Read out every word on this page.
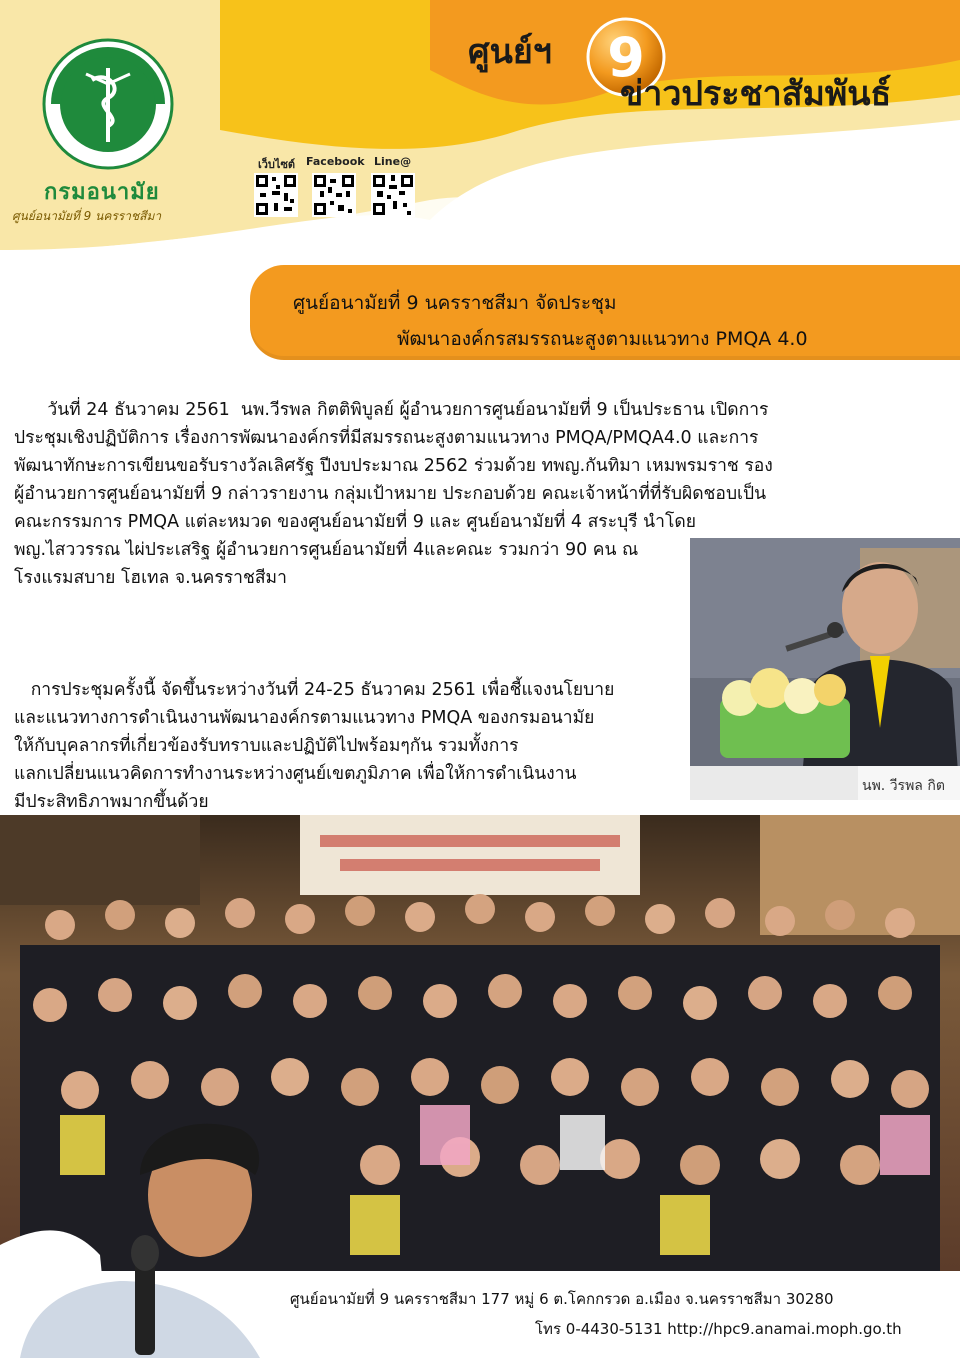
กรมอนามัย
ศูนย์อนามัยที่ 9 นครราชสีมา
เว็บไซต์ Facebook Line@
ศูนย์ฯ 9
ข่าวประชาสัมพันธ์
ศูนย์อนามัยที่ 9 นครราชสีมา จัดประชุม
พัฒนาองค์กรสมรรถนะสูงตามแนวทาง PMQA 4.0
วันที่ 24 ธันวาคม 2561  นพ.วีรพล กิตติพิบูลย์ ผู้อำนวยการศูนย์อนามัยที่ 9 เป็นประธาน เปิดการ
ประชุมเชิงปฏิบัติการ เรื่องการพัฒนาองค์กรที่มีสมรรถนะสูงตามแนวทาง PMQA/PMQA4.0 และการ
พัฒนาทักษะการเขียนขอรับรางวัลเลิศรัฐ ปีงบประมาณ 2562 ร่วมด้วย ทพญ.กันทิมา เหมพรมราช รอง
ผู้อำนวยการศูนย์อนามัยที่ 9 กล่าวรายงาน กลุ่มเป้าหมาย ประกอบด้วย คณะเจ้าหน้าที่ที่รับผิดชอบเป็น
คณะกรรมการ PMQA แต่ละหมวด ของศูนย์อนามัยที่ 9 และ ศูนย์อนามัยที่ 4 สระบุรี นำโดย
พญ.ไสววรรณ ไผ่ประเสริฐ ผู้อำนวยการศูนย์อนามัยที่ 4และคณะ รวมกว่า 90 คน ณ
โรงแรมสบาย โฮเทล จ.นครราชสีมา
นพ. วีรพล กิต
การประชุมครั้งนี้ จัดขึ้นระหว่างวันที่ 24-25 ธันวาคม 2561 เพื่อชี้แจงนโยบาย
และแนวทางการดำเนินงานพัฒนาองค์กรตามแนวทาง PMQA ของกรมอนามัย
ให้กับบุคลากรที่เกี่ยวข้องรับทราบและปฏิบัติไปพร้อมๆกัน รวมทั้งการ
แลกเปลี่ยนแนวคิดการทำงานระหว่างศูนย์เขตภูมิภาค เพื่อให้การดำเนินงาน
มีประสิทธิภาพมากขึ้นด้วย
ศูนย์อนามัยที่ 9 นครราชสีมา 177 หมู่ 6 ต.โคกกรวด อ.เมือง จ.นครราชสีมา 30280
โทร 0-4430-5131 http://hpc9.anamai.moph.go.th
